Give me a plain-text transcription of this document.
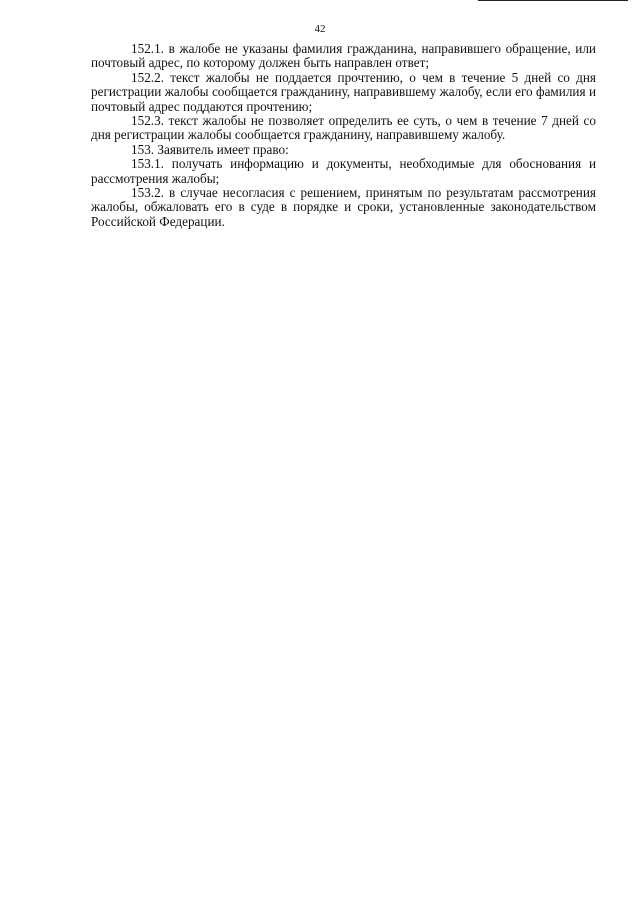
42

152.1. в жалобе не указаны фамилия гражданина, направившего обращение, или почтовый адрес, по которому должен быть направлен ответ;

152.2. текст жалобы не поддается прочтению, о чем в течение 5 дней со дня регистрации жалобы сообщается гражданину, направившему жалобу, если его фамилия и почтовый адрес поддаются прочтению;

152.3. текст жалобы не позволяет определить ее суть, о чем в течение 7 дней со дня регистрации жалобы сообщается гражданину, направившему жалобу.

153. Заявитель имеет право:

153.1. получать информацию и документы, необходимые для обоснования и рассмотрения жалобы;

153.2. в случае несогласия с решением, принятым по результатам рассмотрения жалобы, обжаловать его в суде в порядке и сроки, установленные законодательством Российской Федерации.
